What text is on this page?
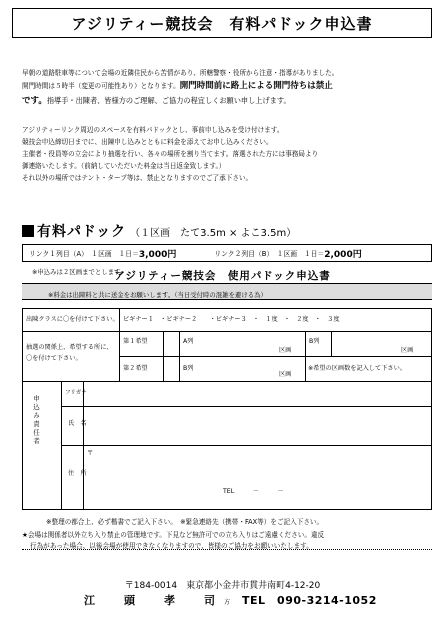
アジリティー競技会　有料パドック申込書
早朝の道路駐車等について会場の近隣住民から苦情があり、所轄警察・役所から注意・指導がありました。
開門時間は５時半（変更の可能性あり）となります。開門時間前に路上による開門待ちは禁止
です。指導手・出陳者、皆様方のご理解、ご協力の程宜しくお願い申し上げます。
アジリティーリンク周辺のスペースを有料パドックとし、事前申し込みを受け付けます。
競技会申込締切日までに、出陳申し込みとともに料金を添えてお申し込みください。
主催者・役員等の立会により抽選を行い、各々の場所を割り当てます。落選された方には事務局より
御連絡いたします。（前納していただいた料金は当日返金致します。）
それ以外の場所ではテント・タープ等は、禁止となりますのでご了承下さい。
有料パドック （１区画　たて3.5m × よこ3.5m）
リンク１列目（A）　１区画　１日＝ 3,000円	リンク２列目（B）　１区画　１日＝ 2,000円
※申込みは２区画までとします。
アジリティー競技会　使用パドック申込書
※料金は出陳料と共に送金をお願いします。（当日受付時の混雑を避ける為）
出陳クラスに〇を付けて下さい。 ビギナー１　・ビギナー２　　・ビギナー３　・　１度　・　２度　・　３度
抽選の関係上、希望する所に、
〇を付けて下さい。
第１希望	A列
区画
B列
区画
第２希望	B列
区画
※希望の区画数を記入して下さい。
申込み責任者
フリガナ
氏　名
住　所
〒
TEL　　　－　　　－
※整理の都合上、必ず楷書でご記入下さい。　※緊急連絡先（携帯・FAX等）をご記入下さい。
★会場は関係者以外立ち入り禁止の管理地です。下見など無許可での立ち入りはご遠慮ください。違反
行為があった場合、以後会場が使用できなくなりますので、皆様のご協力をお願いいたします。
〒184-0014　東京都小金井市貫井南町4-12-20
江　頭　孝　司 方 TEL　090-3214-1052
